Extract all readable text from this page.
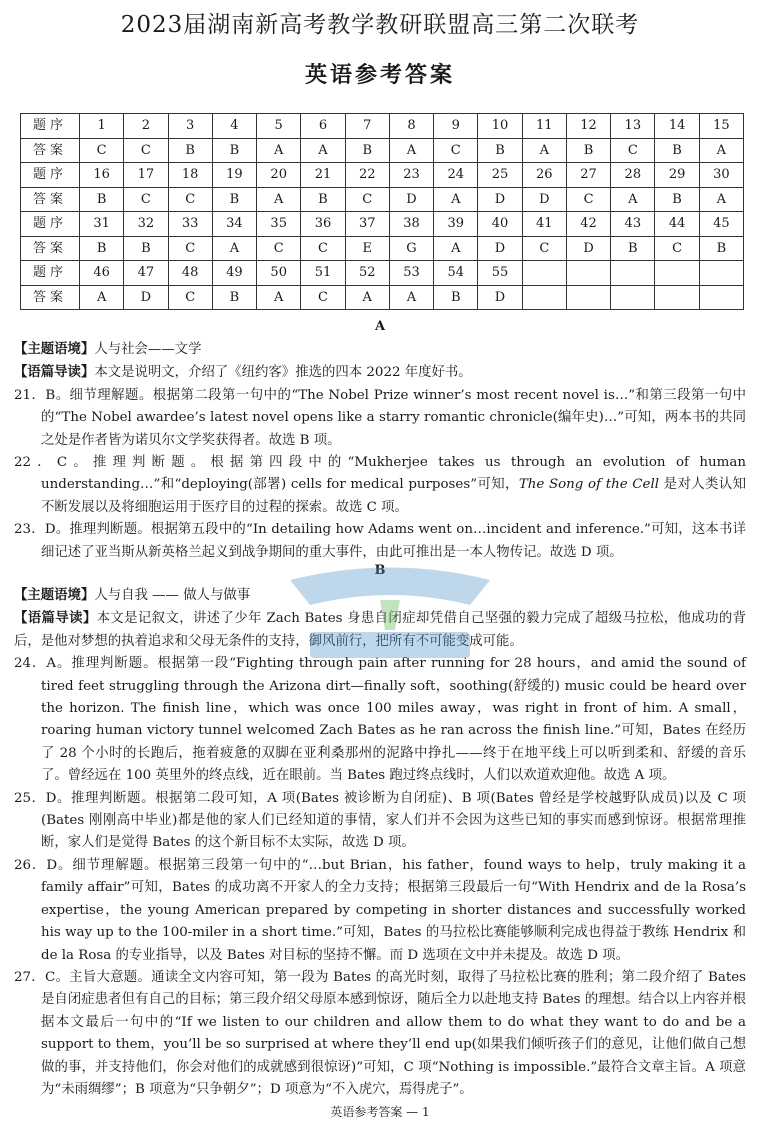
2023届湖南新高考教学教研联盟高三第二次联考
英语参考答案
题序	1	2	3	4	5	6	7	8	9	10	11	12	13	14	15
答案	C	C	B	B	A	A	B	A	C	B	A	B	C	B	A
题序	16	17	18	19	20	21	22	23	24	25	26	27	28	29	30
答案	B	C	C	B	A	B	C	D	A	D	D	C	A	B	A
题序	31	32	33	34	35	36	37	38	39	40	41	42	43	44	45
答案	B	B	C	A	C	C	E	G	A	D	C	D	B	C	B
题序	46	47	48	49	50	51	52	53	54	55					
答案	A	D	C	B	A	C	A	A	B	D					
A

【主题语境】人与社会——文学

【语篇导读】本文是说明文，介绍了《纽约客》推选的四本 2022 年度好书。

21．B。细节理解题。根据第二段第一句中的“The Nobel Prize winner’s most recent novel is…”和第三段第一句中的“The Nobel awardee’s latest novel opens like a starry romantic chronicle(编年史)…”可知，两本书的共同之处是作者皆为诺贝尔文学奖获得者。故选 B 项。

22．C。推理判断题。根据第四段中的“Mukherjee takes us through an evolution of human understanding…”和“deploying(部署) cells for medical purposes”可知，The Song of the Cell 是对人类认知不断发展以及将细胞运用于医疗目的过程的探索。故选 C 项。

23．D。推理判断题。根据第五段中的“In detailing how Adams went on…incident and inference.”可知，这本书详细记述了亚当斯从新英格兰起义到战争期间的重大事件，由此可推出是一本人物传记。故选 D 项。

B

【主题语境】人与自我 —— 做人与做事

【语篇导读】本文是记叙文，讲述了少年 Zach Bates 身患自闭症却凭借自己坚强的毅力完成了超级马拉松，他成功的背后，是他对梦想的执着追求和父母无条件的支持，御风前行，把所有不可能变成可能。

24．A。推理判断题。根据第一段“Fighting through pain after running for 28 hours，and amid the sound of tired feet struggling through the Arizona dirt—finally soft，soothing(舒缓的) music could be heard over the horizon. The finish line，which was once 100 miles away，was right in front of him. A small，roaring human victory tunnel welcomed Zach Bates as he ran across the finish line.”可知，Bates 在经历了 28 个小时的长跑后，拖着疲惫的双脚在亚利桑那州的泥路中挣扎——终于在地平线上可以听到柔和、舒缓的音乐了。曾经远在 100 英里外的终点线，近在眼前。当 Bates 跑过终点线时，人们以欢道欢迎他。故选 A 项。

25．D。推理判断题。根据第二段可知，A 项(Bates 被诊断为自闭症)、B 项(Bates 曾经是学校越野队成员)以及 C 项(Bates 刚刚高中毕业)都是他的家人们已经知道的事情，家人们并不会因为这些已知的事实而感到惊讶。根据常理推断，家人们是觉得 Bates 的这个新目标不太实际，故选 D 项。

26．D。细节理解题。根据第三段第一句中的“…but Brian，his father，found ways to help，truly making it a family affair”可知，Bates 的成功离不开家人的全力支持；根据第三段最后一句“With Hendrix and de la Rosa’s expertise，the young American prepared by competing in shorter distances and successfully worked his way up to the 100-miler in a short time.”可知，Bates 的马拉松比赛能够顺利完成也得益于教练 Hendrix 和 de la Rosa 的专业指导，以及 Bates 对目标的坚持不懈。而 D 选项在文中并未提及。故选 D 项。

27．C。主旨大意题。通读全文内容可知，第一段为 Bates 的高光时刻，取得了马拉松比赛的胜利；第二段介绍了 Bates 是自闭症患者但有自己的目标；第三段介绍父母原本感到惊讶，随后全力以赴地支持 Bates 的理想。结合以上内容并根据本文最后一句中的“If we listen to our children and allow them to do what they want to do and be a support to them，you’ll be so surprised at where they’ll end up(如果我们倾听孩子们的意见，让他们做自己想做的事，并支持他们，你会对他们的成就感到很惊讶)”可知，C 项“Nothing is impossible.”最符合文章主旨。A 项意为“未雨绸缪”；B 项意为“只争朝夕”；D 项意为“不入虎穴，焉得虎子”。

英语参考答案 — 1
